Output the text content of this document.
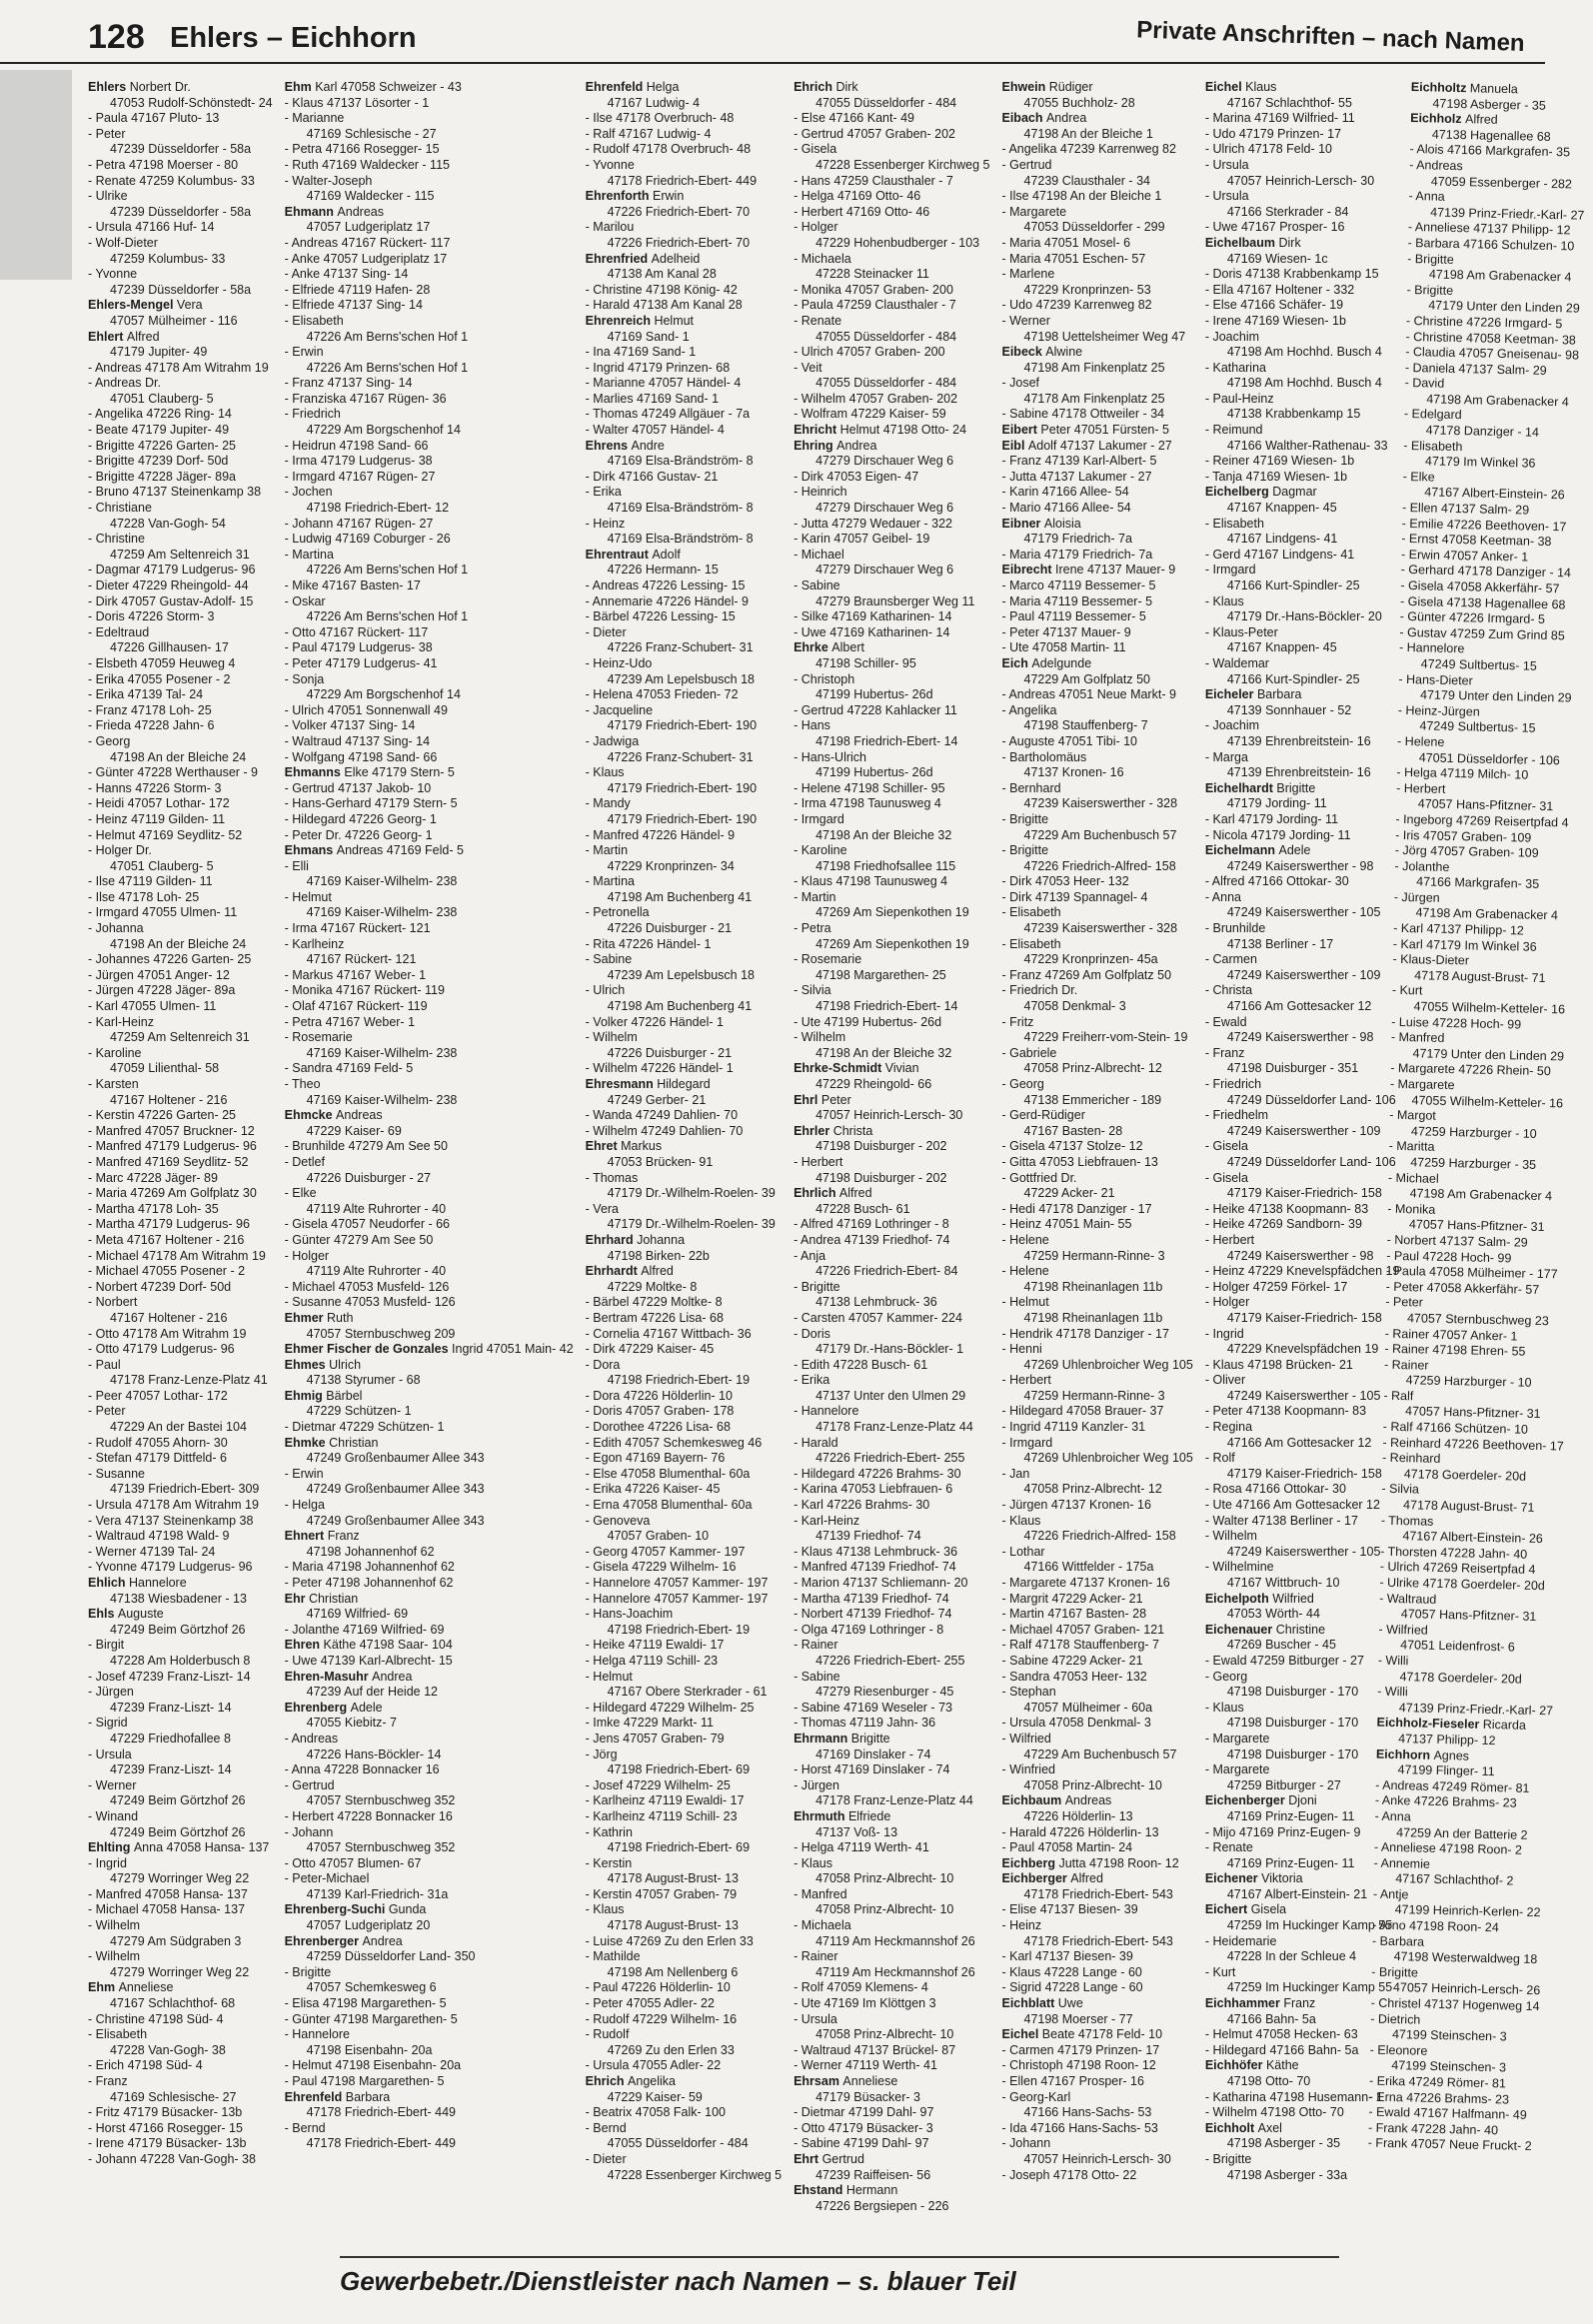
128 Ehlers – Eichhorn	Private Anschriften – nach Namen
Ehlers Norbert Dr.
47053 Rudolf-Schönstedt- 24
- Paula 47167 Pluto- 13
- Peter
47239 Düsseldorfer - 58a
- Petra 47198 Moerser - 80
- Renate 47259 Kolumbus- 33
- Ulrike
47239 Düsseldorfer - 58a
- Ursula 47166 Huf- 14
- Wolf-Dieter
47259 Kolumbus- 33
- Yvonne
47239 Düsseldorfer - 58a
Ehlers-Mengel Vera
47057 Mülheimer - 116
Ehlert Alfred
47179 Jupiter- 49
- Andreas 47178 Am Witrahm 19
- Andreas Dr.
47051 Clauberg- 5
- Angelika 47226 Ring- 14
- Beate 47179 Jupiter- 49
- Brigitte 47226 Garten- 25
- Brigitte 47239 Dorf- 50d
- Brigitte 47228 Jäger- 89a
- Bruno 47137 Steinenkamp 38
- Christiane
47228 Van-Gogh- 54
- Christine
47259 Am Seltenreich 31
- Dagmar 47179 Ludgerus- 96
- Dieter 47229 Rheingold- 44
- Dirk 47057 Gustav-Adolf- 15
- Doris 47226 Storm- 3
- Edeltraud
47226 Gillhausen- 17
- Elsbeth 47059 Heuweg 4
- Erika 47055 Posener - 2
- Erika 47139 Tal- 24
- Franz 47178 Loh- 25
- Frieda 47228 Jahn- 6
- Georg
47198 An der Bleiche 24
- Günter 47228 Werthauser - 9
- Hanns 47226 Storm- 3
- Heidi 47057 Lothar- 172
- Heinz 47119 Gilden- 11
- Helmut 47169 Seydlitz- 52
- Holger Dr.
47051 Clauberg- 5
- Ilse 47119 Gilden- 11
- Ilse 47178 Loh- 25
- Irmgard 47055 Ulmen- 11
- Johanna
47198 An der Bleiche 24
- Johannes 47226 Garten- 25
- Jürgen 47051 Anger- 12
- Jürgen 47228 Jäger- 89a
- Karl 47055 Ulmen- 11
- Karl-Heinz
47259 Am Seltenreich 31
- Karoline
47059 Lilienthal- 58
- Karsten
47167 Holtener - 216
- Kerstin 47226 Garten- 25
- Manfred 47057 Bruckner- 12
- Manfred 47179 Ludgerus- 96
- Manfred 47169 Seydlitz- 52
- Marc 47228 Jäger- 89
- Maria 47269 Am Golfplatz 30
- Martha 47178 Loh- 35
- Martha 47179 Ludgerus- 96
- Meta 47167 Holtener - 216
- Michael 47178 Am Witrahm 19
- Michael 47055 Posener - 2
- Norbert 47239 Dorf- 50d
- Norbert
47167 Holtener - 216
- Otto 47178 Am Witrahm 19
- Otto 47179 Ludgerus- 96
- Paul
47178 Franz-Lenze-Platz 41
- Peer 47057 Lothar- 172
- Peter
47229 An der Bastei 104
- Rudolf 47055 Ahorn- 30
- Stefan 47179 Dittfeld- 6
- Susanne
47139 Friedrich-Ebert- 309
- Ursula 47178 Am Witrahm 19
- Vera 47137 Steinenkamp 38
- Waltraud 47198 Wald- 9
- Werner 47139 Tal- 24
- Yvonne 47179 Ludgerus- 96
Ehlich Hannelore
47138 Wiesbadener - 13
Ehls Auguste
47249 Beim Görtzhof 26
- Birgit
47228 Am Holderbusch 8
- Josef 47239 Franz-Liszt- 14
- Jürgen
47239 Franz-Liszt- 14
- Sigrid
47229 Friedhofallee 8
- Ursula
47239 Franz-Liszt- 14
- Werner
47249 Beim Görtzhof 26
- Winand
47249 Beim Görtzhof 26
Ehlting Anna 47058 Hansa- 137
- Ingrid
47279 Worringer Weg 22
- Manfred 47058 Hansa- 137
- Michael 47058 Hansa- 137
- Wilhelm
47279 Am Südgraben 3
- Wilhelm
47279 Worringer Weg 22
Ehm Anneliese
47167 Schlachthof- 68
- Christine 47198 Süd- 4
- Elisabeth
47228 Van-Gogh- 38
- Erich 47198 Süd- 4
- Franz
47169 Schlesische- 27
- Fritz 47179 Büsacker- 13b
- Horst 47166 Rosegger- 15
- Irene 47179 Büsacker- 13b
- Johann 47228 Van-Gogh- 38
Ehm Karl 47058 Schweizer - 43
- Klaus 47137 Lösorter - 1
- Marianne
47169 Schlesische - 27
- Petra 47166 Rosegger- 15
- Ruth 47169 Waldecker - 115
- Walter-Joseph
47169 Waldecker - 115
Ehmann Andreas
47057 Ludgeriplatz 17
- Andreas 47167 Rückert- 117
- Anke 47057 Ludgeriplatz 17
- Anke 47137 Sing- 14
- Elfriede 47119 Hafen- 28
- Elfriede 47137 Sing- 14
- Elisabeth
47226 Am Berns'schen Hof 1
- Erwin
47226 Am Berns'schen Hof 1
- Franz 47137 Sing- 14
- Franziska 47167 Rügen- 36
- Friedrich
47229 Am Borgschenhof 14
- Heidrun 47198 Sand- 66
- Irma 47179 Ludgerus- 38
- Irmgard 47167 Rügen- 27
- Jochen
47198 Friedrich-Ebert- 12
- Johann 47167 Rügen- 27
- Ludwig 47169 Coburger - 26
- Martina
47226 Am Berns'schen Hof 1
- Mike 47167 Basten- 17
- Oskar
47226 Am Berns'schen Hof 1
- Otto 47167 Rückert- 117
- Paul 47179 Ludgerus- 38
- Peter 47179 Ludgerus- 41
- Sonja
47229 Am Borgschenhof 14
- Ulrich 47051 Sonnenwall 49
- Volker 47137 Sing- 14
- Waltraud 47137 Sing- 14
- Wolfgang 47198 Sand- 66
Ehmanns Elke 47179 Stern- 5
- Gertrud 47137 Jakob- 10
- Hans-Gerhard 47179 Stern- 5
- Hildegard 47226 Georg- 1
- Peter Dr. 47226 Georg- 1
Ehmans Andreas 47169 Feld- 5
- Elli
47169 Kaiser-Wilhelm- 238
- Helmut
47169 Kaiser-Wilhelm- 238
- Irma 47167 Rückert- 121
- Karlheinz
47167 Rückert- 121
- Markus 47167 Weber- 1
- Monika 47167 Rückert- 119
- Olaf 47167 Rückert- 119
- Petra 47167 Weber- 1
- Rosemarie
47169 Kaiser-Wilhelm- 238
- Sandra 47169 Feld- 5
- Theo
47169 Kaiser-Wilhelm- 238
Ehmcke Andreas
47229 Kaiser- 69
- Brunhilde 47279 Am See 50
- Detlef
47226 Duisburger - 27
- Elke
47119 Alte Ruhrorter - 40
- Gisela 47057 Neudorfer - 66
- Günter 47279 Am See 50
- Holger
47119 Alte Ruhrorter - 40
- Michael 47053 Musfeld- 126
- Susanne 47053 Musfeld- 126
Ehmer Ruth
47057 Sternbuschweg 209
Ehmer Fischer de Gonzales Ingrid 47051 Main- 42
Ehmes Ulrich
47138 Styrumer - 68
Ehmig Bärbel
47229 Schützen- 1
- Dietmar 47229 Schützen- 1
Ehmke Christian
47249 Großenbaumer Allee 343
- Erwin
47249 Großenbaumer Allee 343
- Helga
47249 Großenbaumer Allee 343
Ehnert Franz
47198 Johannenhof 62
- Maria 47198 Johannenhof 62
- Peter 47198 Johannenhof 62
Ehr Christian
47169 Wilfried- 69
- Jolanthe 47169 Wilfried- 69
Ehren Käthe 47198 Saar- 104
- Uwe 47139 Karl-Albrecht- 15
Ehren-Masuhr Andrea
47239 Auf der Heide 12
Ehrenberg Adele
47055 Kiebitz- 7
- Andreas
47226 Hans-Böckler- 14
- Anna 47228 Bonnacker 16
- Gertrud
47057 Sternbuschweg 352
- Herbert 47228 Bonnacker 16
- Johann
47057 Sternbuschweg 352
- Otto 47057 Blumen- 67
- Peter-Michael
47139 Karl-Friedrich- 31a
Ehrenberg-Suchi Gunda
47057 Ludgeriplatz 20
Ehrenberger Andrea
47259 Düsseldorfer Land- 350
- Brigitte
47057 Schemkesweg 6
- Elisa 47198 Margarethen- 5
- Günter 47198 Margarethen- 5
- Hannelore
47198 Eisenbahn- 20a
- Helmut 47198 Eisenbahn- 20a
- Paul 47198 Margarethen- 5
Ehrenfeld Barbara
47178 Friedrich-Ebert- 449
- Bernd
47178 Friedrich-Ebert- 449
Ehrenfeld Helga
47167 Ludwig- 4
- Ilse 47178 Overbruch- 48
- Ralf 47167 Ludwig- 4
- Rudolf 47178 Overbruch- 48
- Yvonne
47178 Friedrich-Ebert- 449
Ehrenforth Erwin
47226 Friedrich-Ebert- 70
- Marilou
47226 Friedrich-Ebert- 70
Ehrenfried Adelheid
47138 Am Kanal 28
- Christine 47198 König- 42
- Harald 47138 Am Kanal 28
Ehrenreich Helmut
47169 Sand- 1
- Ina 47169 Sand- 1
- Ingrid 47179 Prinzen- 68
- Marianne 47057 Händel- 4
- Marlies 47169 Sand- 1
- Thomas 47249 Allgäuer - 7a
- Walter 47057 Händel- 4
Ehrens Andre
47169 Elsa-Brändström- 8
- Dirk 47166 Gustav- 21
- Erika
47169 Elsa-Brändström- 8
- Heinz
47169 Elsa-Brändström- 8
Ehrentraut Adolf
47226 Hermann- 15
- Andreas 47226 Lessing- 15
- Annemarie 47226 Händel- 9
- Bärbel 47226 Lessing- 15
- Dieter
47226 Franz-Schubert- 31
- Heinz-Udo
47239 Am Lepelsbusch 18
- Helena 47053 Frieden- 72
- Jacqueline
47179 Friedrich-Ebert- 190
- Jadwiga
47226 Franz-Schubert- 31
- Klaus
47179 Friedrich-Ebert- 190
- Mandy
47179 Friedrich-Ebert- 190
- Manfred 47226 Händel- 9
- Martin
47229 Kronprinzen- 34
- Martina
47198 Am Buchenberg 41
- Petronella
47226 Duisburger - 21
- Rita 47226 Händel- 1
- Sabine
47239 Am Lepelsbusch 18
- Ulrich
47198 Am Buchenberg 41
- Volker 47226 Händel- 1
- Wilhelm
47226 Duisburger - 21
- Wilhelm 47226 Händel- 1
Ehresmann Hildegard
47249 Gerber- 21
- Wanda 47249 Dahlien- 70
- Wilhelm 47249 Dahlien- 70
Ehret Markus
47053 Brücken- 91
- Thomas
47179 Dr.-Wilhelm-Roelen- 39
- Vera
47179 Dr.-Wilhelm-Roelen- 39
Ehrhard Johanna
47198 Birken- 22b
Ehrhardt Alfred
47229 Moltke- 8
- Bärbel 47229 Moltke- 8
- Bertram 47226 Lisa- 68
- Cornelia 47167 Wittbach- 36
- Dirk 47229 Kaiser- 45
- Dora
47198 Friedrich-Ebert- 19
- Dora 47226 Hölderlin- 10
- Doris 47057 Graben- 178
- Dorothee 47226 Lisa- 68
- Edith 47057 Schemkesweg 46
- Egon 47169 Bayern- 76
- Else 47058 Blumenthal- 60a
- Erika 47226 Kaiser- 45
- Erna 47058 Blumenthal- 60a
- Genoveva
47057 Graben- 10
- Georg 47057 Kammer- 197
- Gisela 47229 Wilhelm- 16
- Hannelore 47057 Kammer- 197
- Hannelore 47057 Kammer- 197
- Hans-Joachim
47198 Friedrich-Ebert- 19
- Heike 47119 Ewaldi- 17
- Helga 47119 Schill- 23
- Helmut
47167 Obere Sterkrader - 61
- Hildegard 47229 Wilhelm- 25
- Imke 47229 Markt- 11
- Jens 47057 Graben- 79
- Jörg
47198 Friedrich-Ebert- 69
- Josef 47229 Wilhelm- 25
- Karlheinz 47119 Ewaldi- 17
- Karlheinz 47119 Schill- 23
- Kathrin
47198 Friedrich-Ebert- 69
- Kerstin
47178 August-Brust- 13
- Kerstin 47057 Graben- 79
- Klaus
47178 August-Brust- 13
- Luise 47269 Zu den Erlen 33
- Mathilde
47198 Am Nellenberg 6
- Paul 47226 Hölderlin- 10
- Peter 47055 Adler- 22
- Rudolf 47229 Wilhelm- 16
- Rudolf
47269 Zu den Erlen 33
- Ursula 47055 Adler- 22
Ehrich Angelika
47229 Kaiser- 59
- Beatrix 47058 Falk- 100
- Bernd
47055 Düsseldorfer - 484
- Dieter
47228 Essenberger Kirchweg 5
Ehrich Dirk
47055 Düsseldorfer - 484
- Else 47166 Kant- 49
- Gertrud 47057 Graben- 202
- Gisela
47228 Essenberger Kirchweg 5
- Hans 47259 Clausthaler - 7
- Helga 47169 Otto- 46
- Herbert 47169 Otto- 46
- Holger
47229 Hohenbudberger - 103
- Michaela
47228 Steinacker 11
- Monika 47057 Graben- 200
- Paula 47259 Clausthaler - 7
- Renate
47055 Düsseldorfer - 484
- Ulrich 47057 Graben- 200
- Veit
47055 Düsseldorfer - 484
- Wilhelm 47057 Graben- 202
- Wolfram 47229 Kaiser- 59
Ehricht Helmut 47198 Otto- 24
Ehring Andrea
47279 Dirschauer Weg 6
- Dirk 47053 Eigen- 47
- Heinrich
47279 Dirschauer Weg 6
- Jutta 47279 Wedauer - 322
- Karin 47057 Geibel- 19
- Michael
47279 Dirschauer Weg 6
- Sabine
47279 Braunsberger Weg 11
- Silke 47169 Katharinen- 14
- Uwe 47169 Katharinen- 14
Ehrke Albert
47198 Schiller- 95
- Christoph
47199 Hubertus- 26d
- Gertrud 47228 Kahlacker 11
- Hans
47198 Friedrich-Ebert- 14
- Hans-Ulrich
47199 Hubertus- 26d
- Helene 47198 Schiller- 95
- Irma 47198 Taunusweg 4
- Irmgard
47198 An der Bleiche 32
- Karoline
47198 Friedhofsallee 115
- Klaus 47198 Taunusweg 4
- Martin
47269 Am Siepenkothen 19
- Petra
47269 Am Siepenkothen 19
- Rosemarie
47198 Margarethen- 25
- Silvia
47198 Friedrich-Ebert- 14
- Ute 47199 Hubertus- 26d
- Wilhelm
47198 An der Bleiche 32
Ehrke-Schmidt Vivian
47229 Rheingold- 66
Ehrl Peter
47057 Heinrich-Lersch- 30
Ehrler Christa
47198 Duisburger - 202
- Herbert
47198 Duisburger - 202
Ehrlich Alfred
47228 Busch- 61
- Alfred 47169 Lothringer - 8
- Andrea 47139 Friedhof- 74
- Anja
47226 Friedrich-Ebert- 84
- Brigitte
47138 Lehmbruck- 36
- Carsten 47057 Kammer- 224
- Doris
47179 Dr.-Hans-Böckler- 1
- Edith 47228 Busch- 61
- Erika
47137 Unter den Ulmen 29
- Hannelore
47178 Franz-Lenze-Platz 44
- Harald
47226 Friedrich-Ebert- 255
- Hildegard 47226 Brahms- 30
- Karina 47053 Liebfrauen- 6
- Karl 47226 Brahms- 30
- Karl-Heinz
47139 Friedhof- 74
- Klaus 47138 Lehmbruck- 36
- Manfred 47139 Friedhof- 74
- Marion 47137 Schliemann- 20
- Martha 47139 Friedhof- 74
- Norbert 47139 Friedhof- 74
- Olga 47169 Lothringer - 8
- Rainer
47226 Friedrich-Ebert- 255
- Sabine
47279 Riesenburger - 45
- Sabine 47169 Weseler - 73
- Thomas 47119 Jahn- 36
Ehrmann Brigitte
47169 Dinslaker - 74
- Horst 47169 Dinslaker - 74
- Jürgen
47178 Franz-Lenze-Platz 44
Ehrmuth Elfriede
47137 Voß- 13
- Helga 47119 Werth- 41
- Klaus
47058 Prinz-Albrecht- 10
- Manfred
47058 Prinz-Albrecht- 10
- Michaela
47119 Am Heckmannshof 26
- Rainer
47119 Am Heckmannshof 26
- Rolf 47059 Klemens- 4
- Ute 47169 Im Klöttgen 3
- Ursula
47058 Prinz-Albrecht- 10
- Waltraud 47137 Brückel- 87
- Werner 47119 Werth- 41
Ehrsam Anneliese
47179 Büsacker- 3
- Dietmar 47199 Dahl- 97
- Otto 47179 Büsacker- 3
- Sabine 47199 Dahl- 97
Ehrt Gertrud
47239 Raiffeisen- 56
Ehstand Hermann
47226 Bergsiepen - 226
Ehwein Rüdiger
47055 Buchholz- 28
Eibach Andrea
47198 An der Bleiche 1
- Angelika 47239 Karrenweg 82
- Gertrud
47239 Clausthaler - 34
- Ilse 47198 An der Bleiche 1
- Margarete
47053 Düsseldorfer - 299
- Maria 47051 Mosel- 6
- Maria 47051 Eschen- 57
- Marlene
47229 Kronprinzen- 53
- Udo 47239 Karrenweg 82
- Werner
47198 Uettelsheimer Weg 47
Eibeck Alwine
47198 Am Finkenplatz 25
- Josef
47178 Am Finkenplatz 25
- Sabine 47178 Ottweiler - 34
Eibert Peter 47051 Fürsten- 5
Eibl Adolf 47137 Lakumer - 27
- Franz 47139 Karl-Albert- 5
- Jutta 47137 Lakumer - 27
- Karin 47166 Allee- 54
- Mario 47166 Allee- 54
Eibner Aloisia
47179 Friedrich- 7a
- Maria 47179 Friedrich- 7a
Eibrecht Irene 47137 Mauer- 9
- Marco 47119 Bessemer- 5
- Maria 47119 Bessemer- 5
- Paul 47119 Bessemer- 5
- Peter 47137 Mauer- 9
- Ute 47058 Martin- 11
Eich Adelgunde
47229 Am Golfplatz 50
- Andreas 47051 Neue Markt- 9
- Angelika
47198 Stauffenberg- 7
- Auguste 47051 Tibi- 10
- Bartholomäus
47137 Kronen- 16
- Bernhard
47239 Kaiserswerther - 328
- Brigitte
47229 Am Buchenbusch 57
- Brigitte
47226 Friedrich-Alfred- 158
- Dirk 47053 Heer- 132
- Dirk 47139 Spannagel- 4
- Elisabeth
47239 Kaiserswerther - 328
- Elisabeth
47229 Kronprinzen- 45a
- Franz 47269 Am Golfplatz 50
- Friedrich Dr.
47058 Denkmal- 3
- Fritz
47229 Freiherr-vom-Stein- 19
- Gabriele
47058 Prinz-Albrecht- 12
- Georg
47138 Emmericher - 189
- Gerd-Rüdiger
47167 Basten- 28
- Gisela 47137 Stolze- 12
- Gitta 47053 Liebfrauen- 13
- Gottfried Dr.
47229 Acker- 21
- Hedi 47178 Danziger - 17
- Heinz 47051 Main- 55
- Helene
47259 Hermann-Rinne- 3
- Helene
47198 Rheinanlagen 11b
- Helmut
47198 Rheinanlagen 11b
- Hendrik 47178 Danziger - 17
- Henni
47269 Uhlenbroicher Weg 105
- Herbert
47259 Hermann-Rinne- 3
- Hildegard 47058 Brauer- 37
- Ingrid 47119 Kanzler- 31
- Irmgard
47269 Uhlenbroicher Weg 105
- Jan
47058 Prinz-Albrecht- 12
- Jürgen 47137 Kronen- 16
- Klaus
47226 Friedrich-Alfred- 158
- Lothar
47166 Wittfelder - 175a
- Margarete 47137 Kronen- 16
- Margrit 47229 Acker- 21
- Martin 47167 Basten- 28
- Michael 47057 Graben- 121
- Ralf 47178 Stauffenberg- 7
- Sabine 47229 Acker- 21
- Sandra 47053 Heer- 132
- Stephan
47057 Mülheimer - 60a
- Ursula 47058 Denkmal- 3
- Wilfried
47229 Am Buchenbusch 57
- Winfried
47058 Prinz-Albrecht- 10
Eichbaum Andreas
47226 Hölderlin- 13
- Harald 47226 Hölderlin- 13
- Paul 47058 Martin- 24
Eichberg Jutta 47198 Roon- 12
Eichberger Alfred
47178 Friedrich-Ebert- 543
- Elise 47137 Biesen- 39
- Heinz
47178 Friedrich-Ebert- 543
- Karl 47137 Biesen- 39
- Klaus 47228 Lange - 60
- Sigrid 47228 Lange - 60
Eichblatt Uwe
47198 Moerser - 77
Eichel Beate 47178 Feld- 10
- Carmen 47179 Prinzen- 17
- Christoph 47198 Roon- 12
- Ellen 47167 Prosper- 16
- Georg-Karl
47166 Hans-Sachs- 53
- Ida 47166 Hans-Sachs- 53
- Johann
47057 Heinrich-Lersch- 30
- Joseph 47178 Otto- 22
Eichel Klaus
47167 Schlachthof- 55
- Marina 47169 Wilfried- 11
- Udo 47179 Prinzen- 17
- Ulrich 47178 Feld- 10
- Ursula
47057 Heinrich-Lersch- 30
- Ursula
47166 Sterkrader - 84
- Uwe 47167 Prosper- 16
Eichelbaum Dirk
47169 Wiesen- 1c
- Doris 47138 Krabbenkamp 15
- Ella 47167 Holtener - 332
- Else 47166 Schäfer- 19
- Irene 47169 Wiesen- 1b
- Joachim
47198 Am Hochhd. Busch 4
- Katharina
47198 Am Hochhd. Busch 4
- Paul-Heinz
47138 Krabbenkamp 15
- Reimund
47166 Walther-Rathenau- 33
- Reiner 47169 Wiesen- 1b
- Tanja 47169 Wiesen- 1b
Eichelberg Dagmar
47167 Knappen- 45
- Elisabeth
47167 Lindgens- 41
- Gerd 47167 Lindgens- 41
- Irmgard
47166 Kurt-Spindler- 25
- Klaus
47179 Dr.-Hans-Böckler- 20
- Klaus-Peter
47167 Knappen- 45
- Waldemar
47166 Kurt-Spindler- 25
Eicheler Barbara
47139 Sonnhauer - 52
- Joachim
47139 Ehrenbreitstein- 16
- Marga
47139 Ehrenbreitstein- 16
Eichelhardt Brigitte
47179 Jording- 11
- Karl 47179 Jording- 11
- Nicola 47179 Jording- 11
Eichelmann Adele
47249 Kaiserswerther - 98
- Alfred 47166 Ottokar- 30
- Anna
47249 Kaiserswerther - 105
- Brunhilde
47138 Berliner - 17
- Carmen
47249 Kaiserswerther - 109
- Christa
47166 Am Gottesacker 12
- Ewald
47249 Kaiserswerther - 98
- Franz
47198 Duisburger - 351
- Friedrich
47249 Düsseldorfer Land- 106
- Friedhelm
47249 Kaiserswerther - 109
- Gisela
47249 Düsseldorfer Land- 106
- Gisela
47179 Kaiser-Friedrich- 158
- Heike 47138 Koopmann- 83
- Heike 47269 Sandborn- 39
- Herbert
47249 Kaiserswerther - 98
- Heinz 47229 Knevelspfädchen 19
- Holger 47259 Förkel- 17
- Holger
47179 Kaiser-Friedrich- 158
- Ingrid
47229 Knevelspfädchen 19
- Klaus 47198 Brücken- 21
- Oliver
47249 Kaiserswerther - 105
- Peter 47138 Koopmann- 83
- Regina
47166 Am Gottesacker 12
- Rolf
47179 Kaiser-Friedrich- 158
- Rosa 47166 Ottokar- 30
- Ute 47166 Am Gottesacker 12
- Walter 47138 Berliner - 17
- Wilhelm
47249 Kaiserswerther - 105
- Wilhelmine
47167 Wittbruch- 10
Eichelpoth Wilfried
47053 Wörth- 44
Eichenauer Christine
47269 Buscher - 45
- Ewald 47259 Bitburger - 27
- Georg
47198 Duisburger - 170
- Klaus
47198 Duisburger - 170
- Margarete
47198 Duisburger - 170
- Margarete
47259 Bitburger - 27
Eichenberger Djoni
47169 Prinz-Eugen- 11
- Mijo 47169 Prinz-Eugen- 9
- Renate
47169 Prinz-Eugen- 11
Eichener Viktoria
47167 Albert-Einstein- 21
Eichert Gisela
47259 Im Huckinger Kamp 55
- Heidemarie
47228 In der Schleue 4
- Kurt
47259 Im Huckinger Kamp 55
Eichhammer Franz
47166 Bahn- 5a
- Helmut 47058 Hecken- 63
- Hildegard 47166 Bahn- 5a
Eichhöfer Käthe
47198 Otto- 70
- Katharina 47198 Husemann- 1
- Wilhelm 47198 Otto- 70
Eichholt Axel
47198 Asberger - 35
- Brigitte
47198 Asberger - 33a
Eichholtz Manuela
47198 Asberger - 35
Eichholz Alfred
47138 Hagenallee 68
- Alois 47166 Markgrafen- 35
- Andreas
47059 Essenberger - 282
- Anna
47139 Prinz-Friedr.-Karl- 27
- Anneliese 47137 Philipp- 12
- Barbara 47166 Schulzen- 10
- Brigitte
47198 Am Grabenacker 4
- Brigitte
47179 Unter den Linden 29
- Christine 47226 Irmgard- 5
- Christine 47058 Keetman- 38
- Claudia 47057 Gneisenau- 98
- Daniela 47137 Salm- 29
- David
47198 Am Grabenacker 4
- Edelgard
47178 Danziger - 14
- Elisabeth
47179 Im Winkel 36
- Elke
47167 Albert-Einstein- 26
- Ellen 47137 Salm- 29
- Emilie 47226 Beethoven- 17
- Ernst 47058 Keetman- 38
- Erwin 47057 Anker- 1
- Gerhard 47178 Danziger - 14
- Gisela 47058 Akkerfähr- 57
- Gisela 47138 Hagenallee 68
- Günter 47226 Irmgard- 5
- Gustav 47259 Zum Grind 85
- Hannelore
47249 Sultbertus- 15
- Hans-Dieter
47179 Unter den Linden 29
- Heinz-Jürgen
47249 Sultbertus- 15
- Helene
47051 Düsseldorfer - 106
- Helga 47119 Milch- 10
- Herbert
47057 Hans-Pfitzner- 31
- Ingeborg 47269 Reisertpfad 4
- Iris 47057 Graben- 109
- Jörg 47057 Graben- 109
- Jolanthe
47166 Markgrafen- 35
- Jürgen
47198 Am Grabenacker 4
- Karl 47137 Philipp- 12
- Karl 47179 Im Winkel 36
- Klaus-Dieter
47178 August-Brust- 71
- Kurt
47055 Wilhelm-Ketteler- 16
- Luise 47228 Hoch- 99
- Manfred
47179 Unter den Linden 29
- Margarete 47226 Rhein- 50
- Margarete
47055 Wilhelm-Ketteler- 16
- Margot
47259 Harzburger - 10
- Maritta
47259 Harzburger - 35
- Michael
47198 Am Grabenacker 4
- Monika
47057 Hans-Pfitzner- 31
- Norbert 47137 Salm- 29
- Paul 47228 Hoch- 99
- Paula 47058 Mülheimer - 177
- Peter 47058 Akkerfähr- 57
- Peter
47057 Sternbuschweg 23
- Rainer 47057 Anker- 1
- Rainer 47198 Ehren- 55
- Rainer
47259 Harzburger - 10
- Ralf
47057 Hans-Pfitzner- 31
- Ralf 47166 Schützen- 10
- Reinhard 47226 Beethoven- 17
- Reinhard
47178 Goerdeler- 20d
- Silvia
47178 August-Brust- 71
- Thomas
47167 Albert-Einstein- 26
- Thorsten 47228 Jahn- 40
- Ulrich 47269 Reisertpfad 4
- Ulrike 47178 Goerdeler- 20d
- Waltraud
47057 Hans-Pfitzner- 31
- Wilfried
47051 Leidenfrost- 6
- Willi
47178 Goerdeler- 20d
- Willi
47139 Prinz-Friedr.-Karl- 27
Eichholz-Fieseler Ricarda
47137 Philipp- 12
Eichhorn Agnes
47199 Flinger- 11
- Andreas 47249 Römer- 81
- Anke 47226 Brahms- 23
- Anna
47259 An der Batterie 2
- Anneliese 47198 Roon- 2
- Annemie
47167 Schlachthof- 2
- Antje
47199 Heinrich-Kerlen- 22
- Arno 47198 Roon- 24
- Barbara
47198 Westerwaldweg 18
- Brigitte
47057 Heinrich-Lersch- 26
- Christel 47137 Hogenweg 14
- Dietrich
47199 Steinschen- 3
- Eleonore
47199 Steinschen- 3
- Erika 47249 Römer- 81
- Erna 47226 Brahms- 23
- Ewald 47167 Halfmann- 49
- Frank 47228 Jahn- 40
- Frank 47057 Neue Fruckt- 2
Gewerbebetr./Dienstleister nach Namen – s. blauer Teil
